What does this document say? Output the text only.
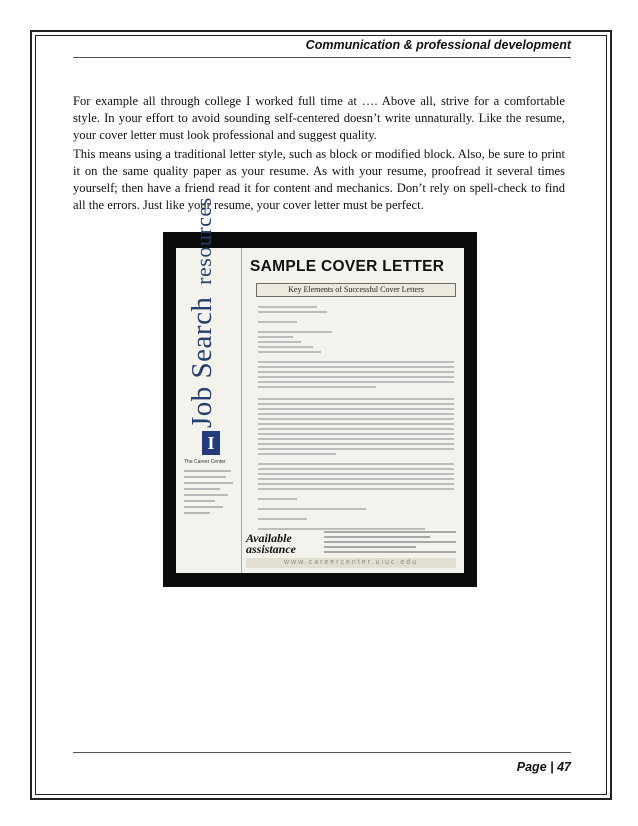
Communication & professional development

For example all through college I worked full time at …. Above all, strive for a comfortable style. In your effort to avoid sounding self-centered doesn’t write unnaturally. Like the resume, your cover letter must look professional and suggest quality.

This means using a traditional letter style, such as block or modified block. Also, be sure to print it on the same quality paper as your resume. As with your resume, proofread it several times yourself; then have a friend read it for content and mechanics. Don’t rely on spell-check to find all the errors. Just like your resume, your cover letter must be perfect.

Job Search resources
I
The Career Center
SAMPLE COVER LETTER
Key Elements of Successful Cover Letters
Available
assistance
www.careercenter.uiuc.edu
Page | 47
